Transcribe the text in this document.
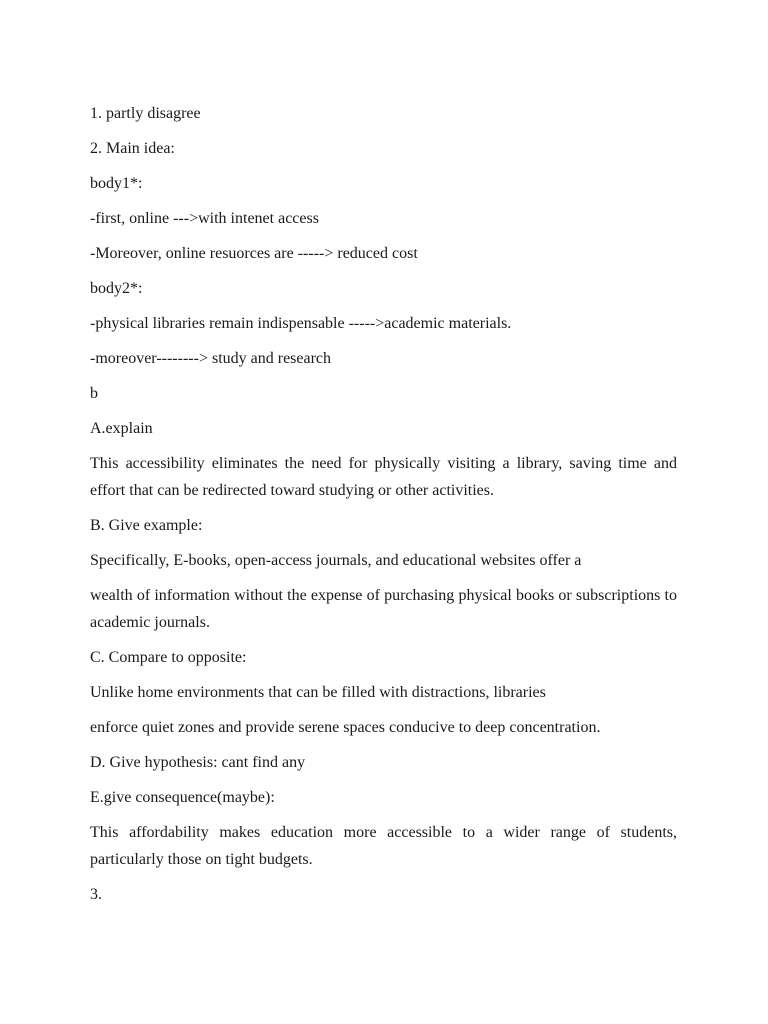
1. partly disagree

2. Main idea:

body1*:

-first, online --->with intenet access

-Moreover, online resuorces are -----> reduced cost

body2*:

-physical libraries remain indispensable ----->academic materials.

-moreover--------> study and research

b

A.explain

This accessibility eliminates the need for physically visiting a library, saving time and effort that can be redirected toward studying or other activities.

B. Give example:

Specifically, E-books, open-access journals, and educational websites offer a

wealth of information without the expense of purchasing physical books or subscriptions to academic journals.

C. Compare to opposite:

Unlike home environments that can be filled with distractions, libraries

enforce quiet zones and provide serene spaces conducive to deep concentration.

D. Give hypothesis: cant find any

E.give consequence(maybe):

This affordability makes education more accessible to a wider range of students, particularly those on tight budgets.

3.
